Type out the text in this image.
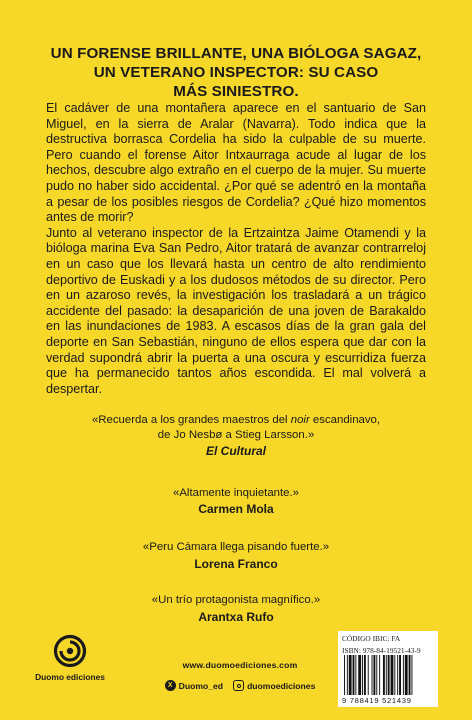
UN FORENSE BRILLANTE, UNA BIÓLOGA SAGAZ,
UN VETERANO INSPECTOR: SU CASO
MÁS SINIESTRO.

El cadáver de una montañera aparece en el santuario de San Miguel, en la sierra de Aralar (Navarra). Todo indica que la destructiva borrasca Cordelia ha sido la culpable de su muerte. Pero cuando el forense Aitor Intxaurraga acude al lugar de los hechos, descubre algo extraño en el cuerpo de la mujer. Su muerte pudo no haber sido accidental. ¿Por qué se adentró en la montaña a pesar de los posibles riesgos de Cordelia? ¿Qué hizo momentos antes de morir?

Junto al veterano inspector de la Ertzaintza Jaime Otamendi y la bióloga marina Eva San Pedro, Aitor tratará de avanzar contrarreloj en un caso que los llevará hasta un centro de alto rendimiento deportivo de Euskadi y a los dudosos métodos de su director. Pero en un azaroso revés, la investigación los trasladará a un trágico accidente del pasado: la desaparición de una joven de Barakaldo en las inundaciones de 1983. A escasos días de la gran gala del deporte en San Sebastián, ninguno de ellos espera que dar con la verdad supondrá abrir la puerta a una oscura y escurridiza fuerza que ha permanecido tantos años escondida. El mal volverá a despertar.

«Recuerda a los grandes maestros del noir escandinavo,
de Jo Nesbø a Stieg Larsson.»
El Cultural
«Altamente inquietante.»
Carmen Mola
«Peru Cámara llega pisando fuerte.»
Lorena Franco
«Un trío protagonista magnífico.»
Arantxa Rufo
Duomo ediciones
www.duomoediciones.com
X Duomo_ed	duomoediciones
CÓDIGO IBIC: FA
ISBN: 978-84-19521-43-9
9 788419 521439
